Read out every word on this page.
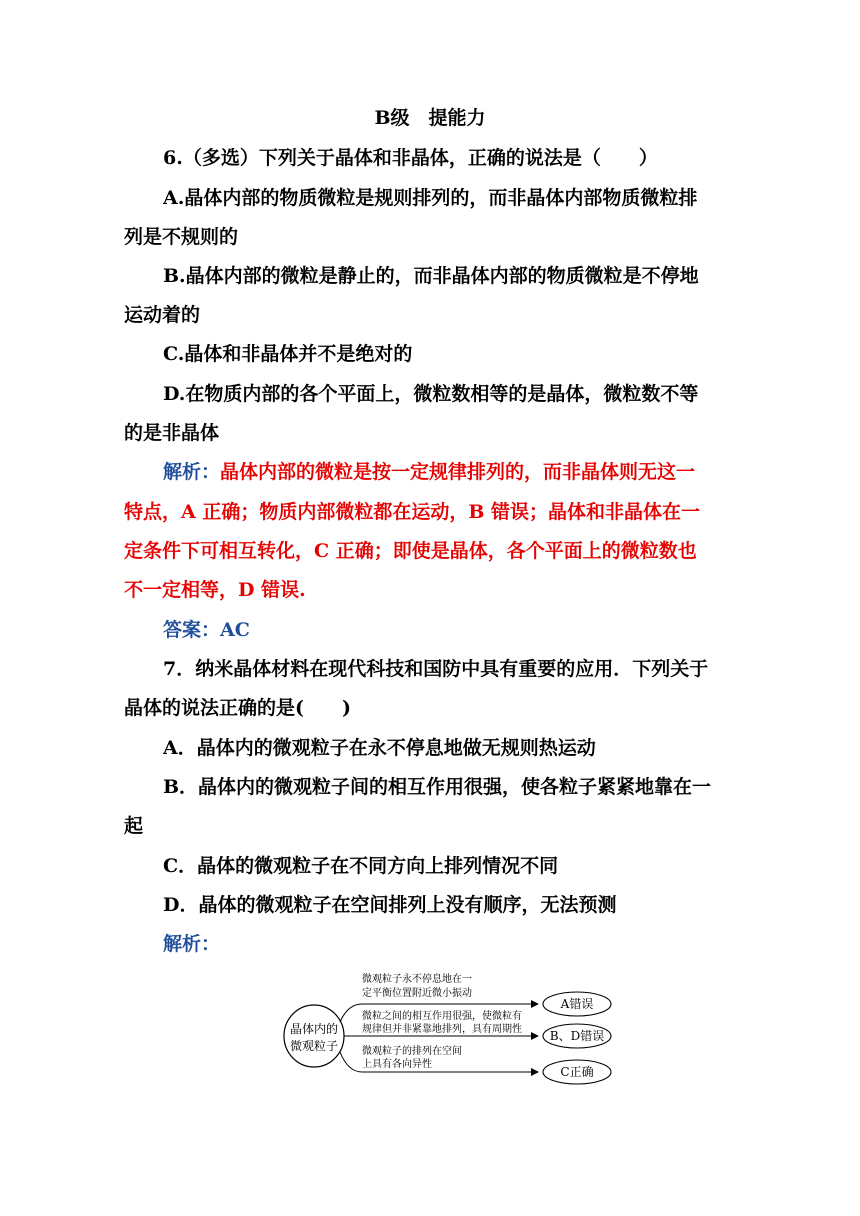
B级　提能力
6.（多选）下列关于晶体和非晶体，正确的说法是（　　）
A.晶体内部的物质微粒是规则排列的，而非晶体内部物质微粒排
列是不规则的
B.晶体内部的微粒是静止的，而非晶体内部的物质微粒是不停地
运动着的
C.晶体和非晶体并不是绝对的
D.在物质内部的各个平面上，微粒数相等的是晶体，微粒数不等
的是非晶体
解析：晶体内部的微粒是按一定规律排列的，而非晶体则无这一
特点，A 正确；物质内部微粒都在运动，B 错误；晶体和非晶体在一
定条件下可相互转化，C 正确；即使是晶体，各个平面上的微粒数也
不一定相等，D 错误.
答案：AC
7．纳米晶体材料在现代科技和国防中具有重要的应用．下列关于
晶体的说法正确的是(　　)
A．晶体内的微观粒子在永不停息地做无规则热运动
B．晶体内的微观粒子间的相互作用很强，使各粒子紧紧地靠在一
起
C．晶体的微观粒子在不同方向上排列情况不同
D．晶体的微观粒子在空间排列上没有顺序，无法预测
解析：
晶体内的
微观粒子
微观粒子永不停息地在一
定平衡位置附近微小振动
A错误
微粒之间的相互作用很强，使微粒有
规律但并非紧靠地排列，具有周期性 B、D错误
微观粒子的排列在空间
上具有各向异性
C正确
